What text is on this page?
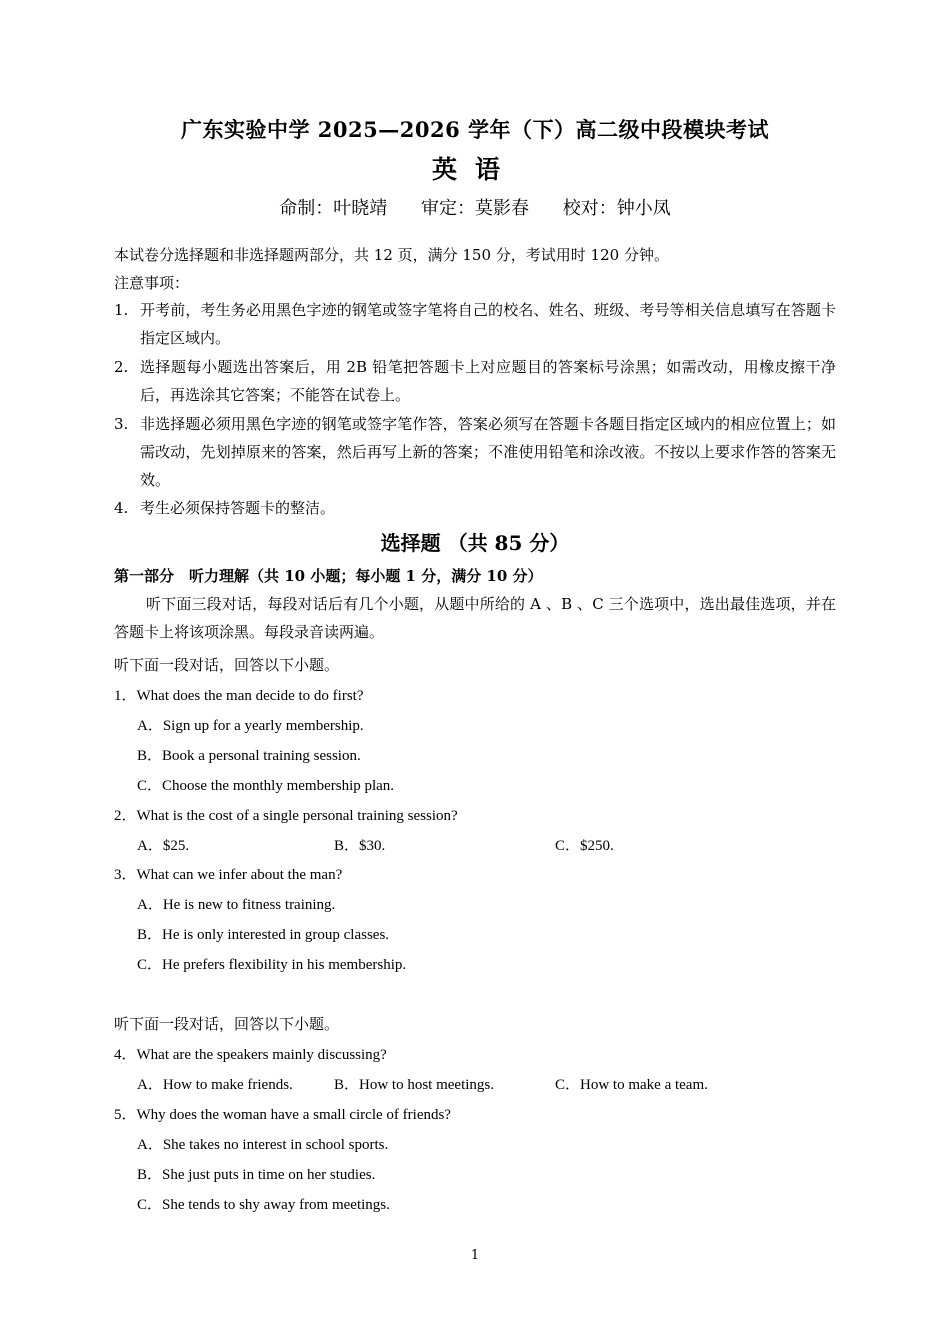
广东实验中学 2025—2026 学年（下）高二级中段模块考试
英语
命制：叶晓靖 审定：莫影春 校对：钟小凤
本试卷分选择题和非选择题两部分，共 12 页，满分 150 分，考试用时 120 分钟。
注意事项：
1. 开考前，考生务必用黑色字迹的钢笔或签字笔将自己的校名、姓名、班级、考号等相关信息填写在答题卡指定区域内。
2. 选择题每小题选出答案后，用 2B 铅笔把答题卡上对应题目的答案标号涂黑；如需改动，用橡皮擦干净后，再选涂其它答案；不能答在试卷上。
3. 非选择题必须用黑色字迹的钢笔或签字笔作答，答案必须写在答题卡各题目指定区域内的相应位置上；如需改动，先划掉原来的答案，然后再写上新的答案；不准使用铅笔和涂改液。不按以上要求作答的答案无效。
4. 考生必须保持答题卡的整洁。
选择题 （共 85 分）
第一部分　听力理解（共 10 小题；每小题 1 分，满分 10 分）
听下面三段对话，每段对话后有几个小题，从题中所给的 A 、B 、C 三个选项中，选出最佳选项，并在答题卡上将该项涂黑。每段录音读两遍。
听下面一段对话，回答以下小题。
1．What does the man decide to do first?
A．Sign up for a yearly membership.
B．Book a personal training session.
C．Choose the monthly membership plan.
2．What is the cost of a single personal training session?
A．$25.	B．$30.	C．$250.
3．What can we infer about the man?
A．He is new to fitness training.
B．He is only interested in group classes.
C．He prefers flexibility in his membership.
听下面一段对话，回答以下小题。
4．What are the speakers mainly discussing?
A．How to make friends.	B．How to host meetings.	C．How to make a team.
5．Why does the woman have a small circle of friends?
A．She takes no interest in school sports.
B．She just puts in time on her studies.
C．She tends to shy away from meetings.
1
